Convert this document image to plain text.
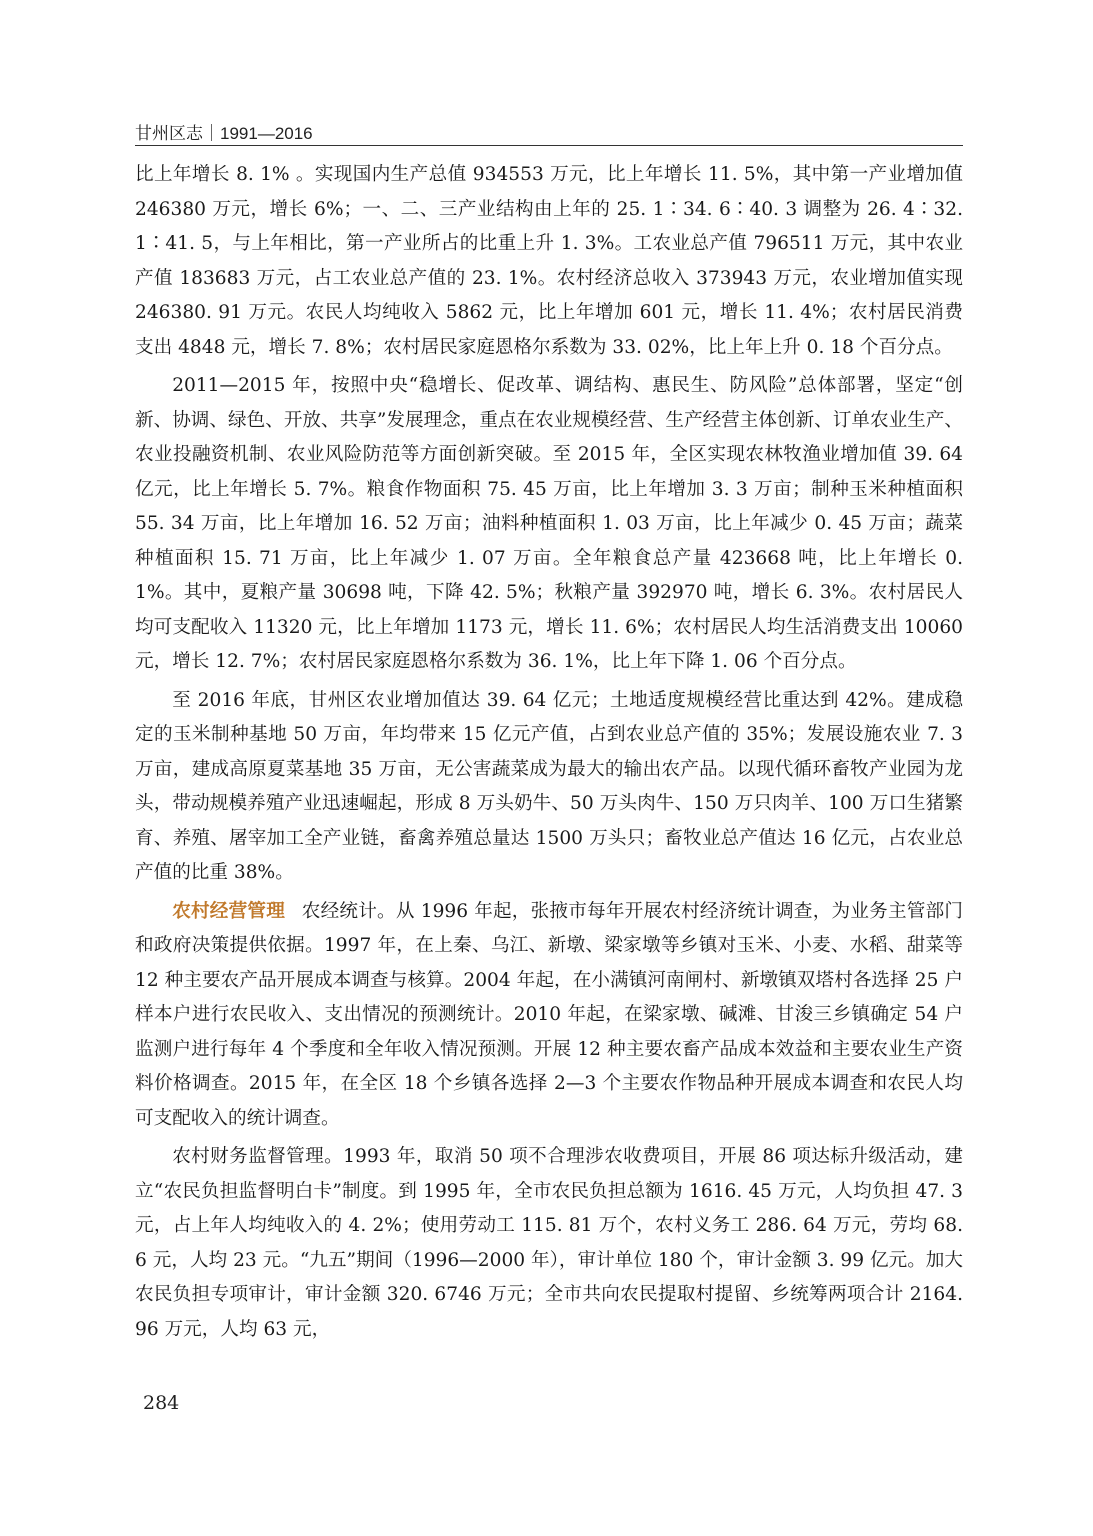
甘州区志｜1991—2016

比上年增长 8. 1% 。实现国内生产总值 934553 万元，比上年增长 11. 5%，其中第一产业增加值 246380 万元，增长 6%；一、二、三产业结构由上年的 25. 1∶34. 6∶40. 3 调整为 26. 4∶32. 1∶41. 5，与上年相比，第一产业所占的比重上升 1. 3%。工农业总产值 796511 万元，其中农业产值 183683 万元，占工农业总产值的 23. 1%。农村经济总收入 373943 万元，农业增加值实现 246380. 91 万元。农民人均纯收入 5862 元，比上年增加 601 元，增长 11. 4%；农村居民消费支出 4848 元，增长 7. 8%；农村居民家庭恩格尔系数为 33. 02%，比上年上升 0. 18 个百分点。

2011—2015 年，按照中央“稳增长、促改革、调结构、惠民生、防风险”总体部署，坚定“创新、协调、绿色、开放、共享”发展理念，重点在农业规模经营、生产经营主体创新、订单农业生产、农业投融资机制、农业风险防范等方面创新突破。至 2015 年，全区实现农林牧渔业增加值 39. 64 亿元，比上年增长 5. 7%。粮食作物面积 75. 45 万亩，比上年增加 3. 3 万亩；制种玉米种植面积 55. 34 万亩，比上年增加 16. 52 万亩；油料种植面积 1. 03 万亩，比上年减少 0. 45 万亩；蔬菜种植面积 15. 71 万亩，比上年减少 1. 07 万亩。全年粮食总产量 423668 吨，比上年增长 0. 1%。其中，夏粮产量 30698 吨，下降 42. 5%；秋粮产量 392970 吨，增长 6. 3%。农村居民人均可支配收入 11320 元，比上年增加 1173 元，增长 11. 6%；农村居民人均生活消费支出 10060 元，增长 12. 7%；农村居民家庭恩格尔系数为 36. 1%，比上年下降 1. 06 个百分点。

至 2016 年底，甘州区农业增加值达 39. 64 亿元；土地适度规模经营比重达到 42%。建成稳定的玉米制种基地 50 万亩，年均带来 15 亿元产值，占到农业总产值的 35%；发展设施农业 7. 3 万亩，建成高原夏菜基地 35 万亩，无公害蔬菜成为最大的输出农产品。以现代循环畜牧产业园为龙头，带动规模养殖产业迅速崛起，形成 8 万头奶牛、50 万头肉牛、150 万只肉羊、100 万口生猪繁育、养殖、屠宰加工全产业链，畜禽养殖总量达 1500 万头只；畜牧业总产值达 16 亿元，占农业总产值的比重 38%。

农村经营管理 农经统计。从 1996 年起，张掖市每年开展农村经济统计调查，为业务主管部门和政府决策提供依据。1997 年，在上秦、乌江、新墩、梁家墩等乡镇对玉米、小麦、水稻、甜菜等 12 种主要农产品开展成本调查与核算。2004 年起，在小满镇河南闸村、新墩镇双塔村各选择 25 户样本户进行农民收入、支出情况的预测统计。2010 年起，在梁家墩、碱滩、甘浚三乡镇确定 54 户监测户进行每年 4 个季度和全年收入情况预测。开展 12 种主要农畜产品成本效益和主要农业生产资料价格调查。2015 年，在全区 18 个乡镇各选择 2—3 个主要农作物品种开展成本调查和农民人均可支配收入的统计调查。

农村财务监督管理。1993 年，取消 50 项不合理涉农收费项目，开展 86 项达标升级活动，建立“农民负担监督明白卡”制度。到 1995 年，全市农民负担总额为 1616. 45 万元，人均负担 47. 3 元，占上年人均纯收入的 4. 2%；使用劳动工 115. 81 万个，农村义务工 286. 64 万元，劳均 68. 6 元，人均 23 元。“九五”期间（1996—2000 年），审计单位 180 个，审计金额 3. 99 亿元。加大农民负担专项审计，审计金额 320. 6746 万元；全市共向农民提取村提留、乡统筹两项合计 2164. 96 万元，人均 63 元，

284
